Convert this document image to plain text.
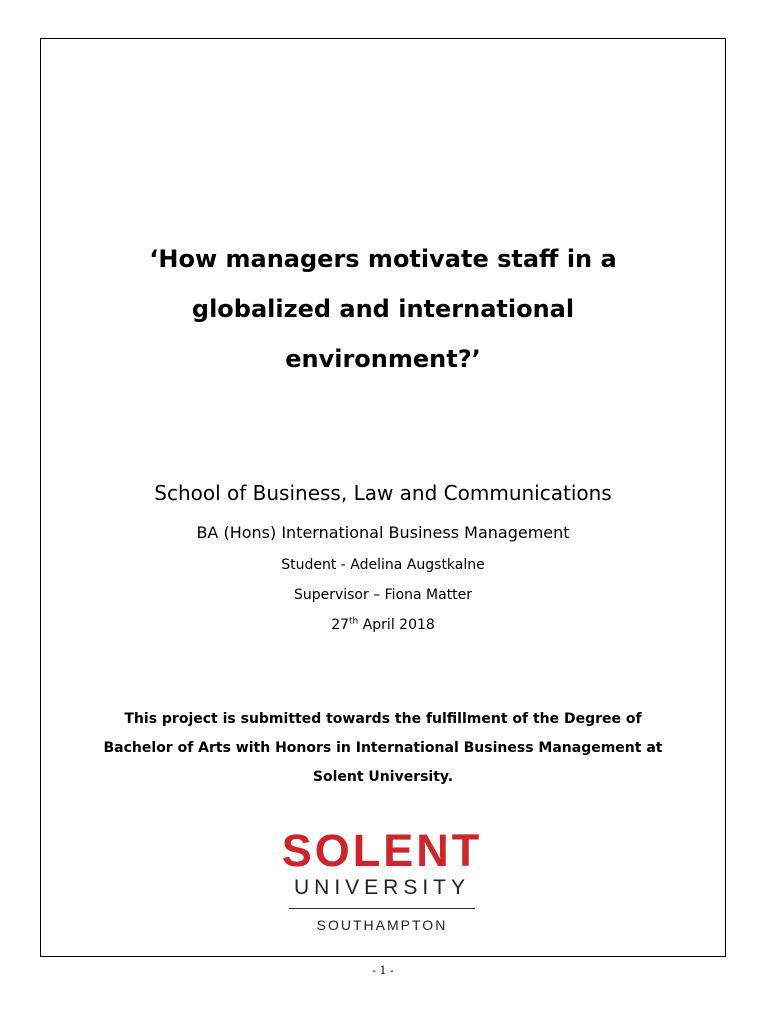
‘How managers motivate staff in a
globalized and international
environment?’
School of Business, Law and Communications
BA (Hons) International Business Management
Student - Adelina Augstkalne
Supervisor – Fiona Matter
27th April 2018
This project is submitted towards the fulfillment of the Degree of
Bachelor of Arts with Honors in International Business Management at
Solent University.
SOLENT
UNIVERSITY
SOUTHAMPTON
- 1 -
